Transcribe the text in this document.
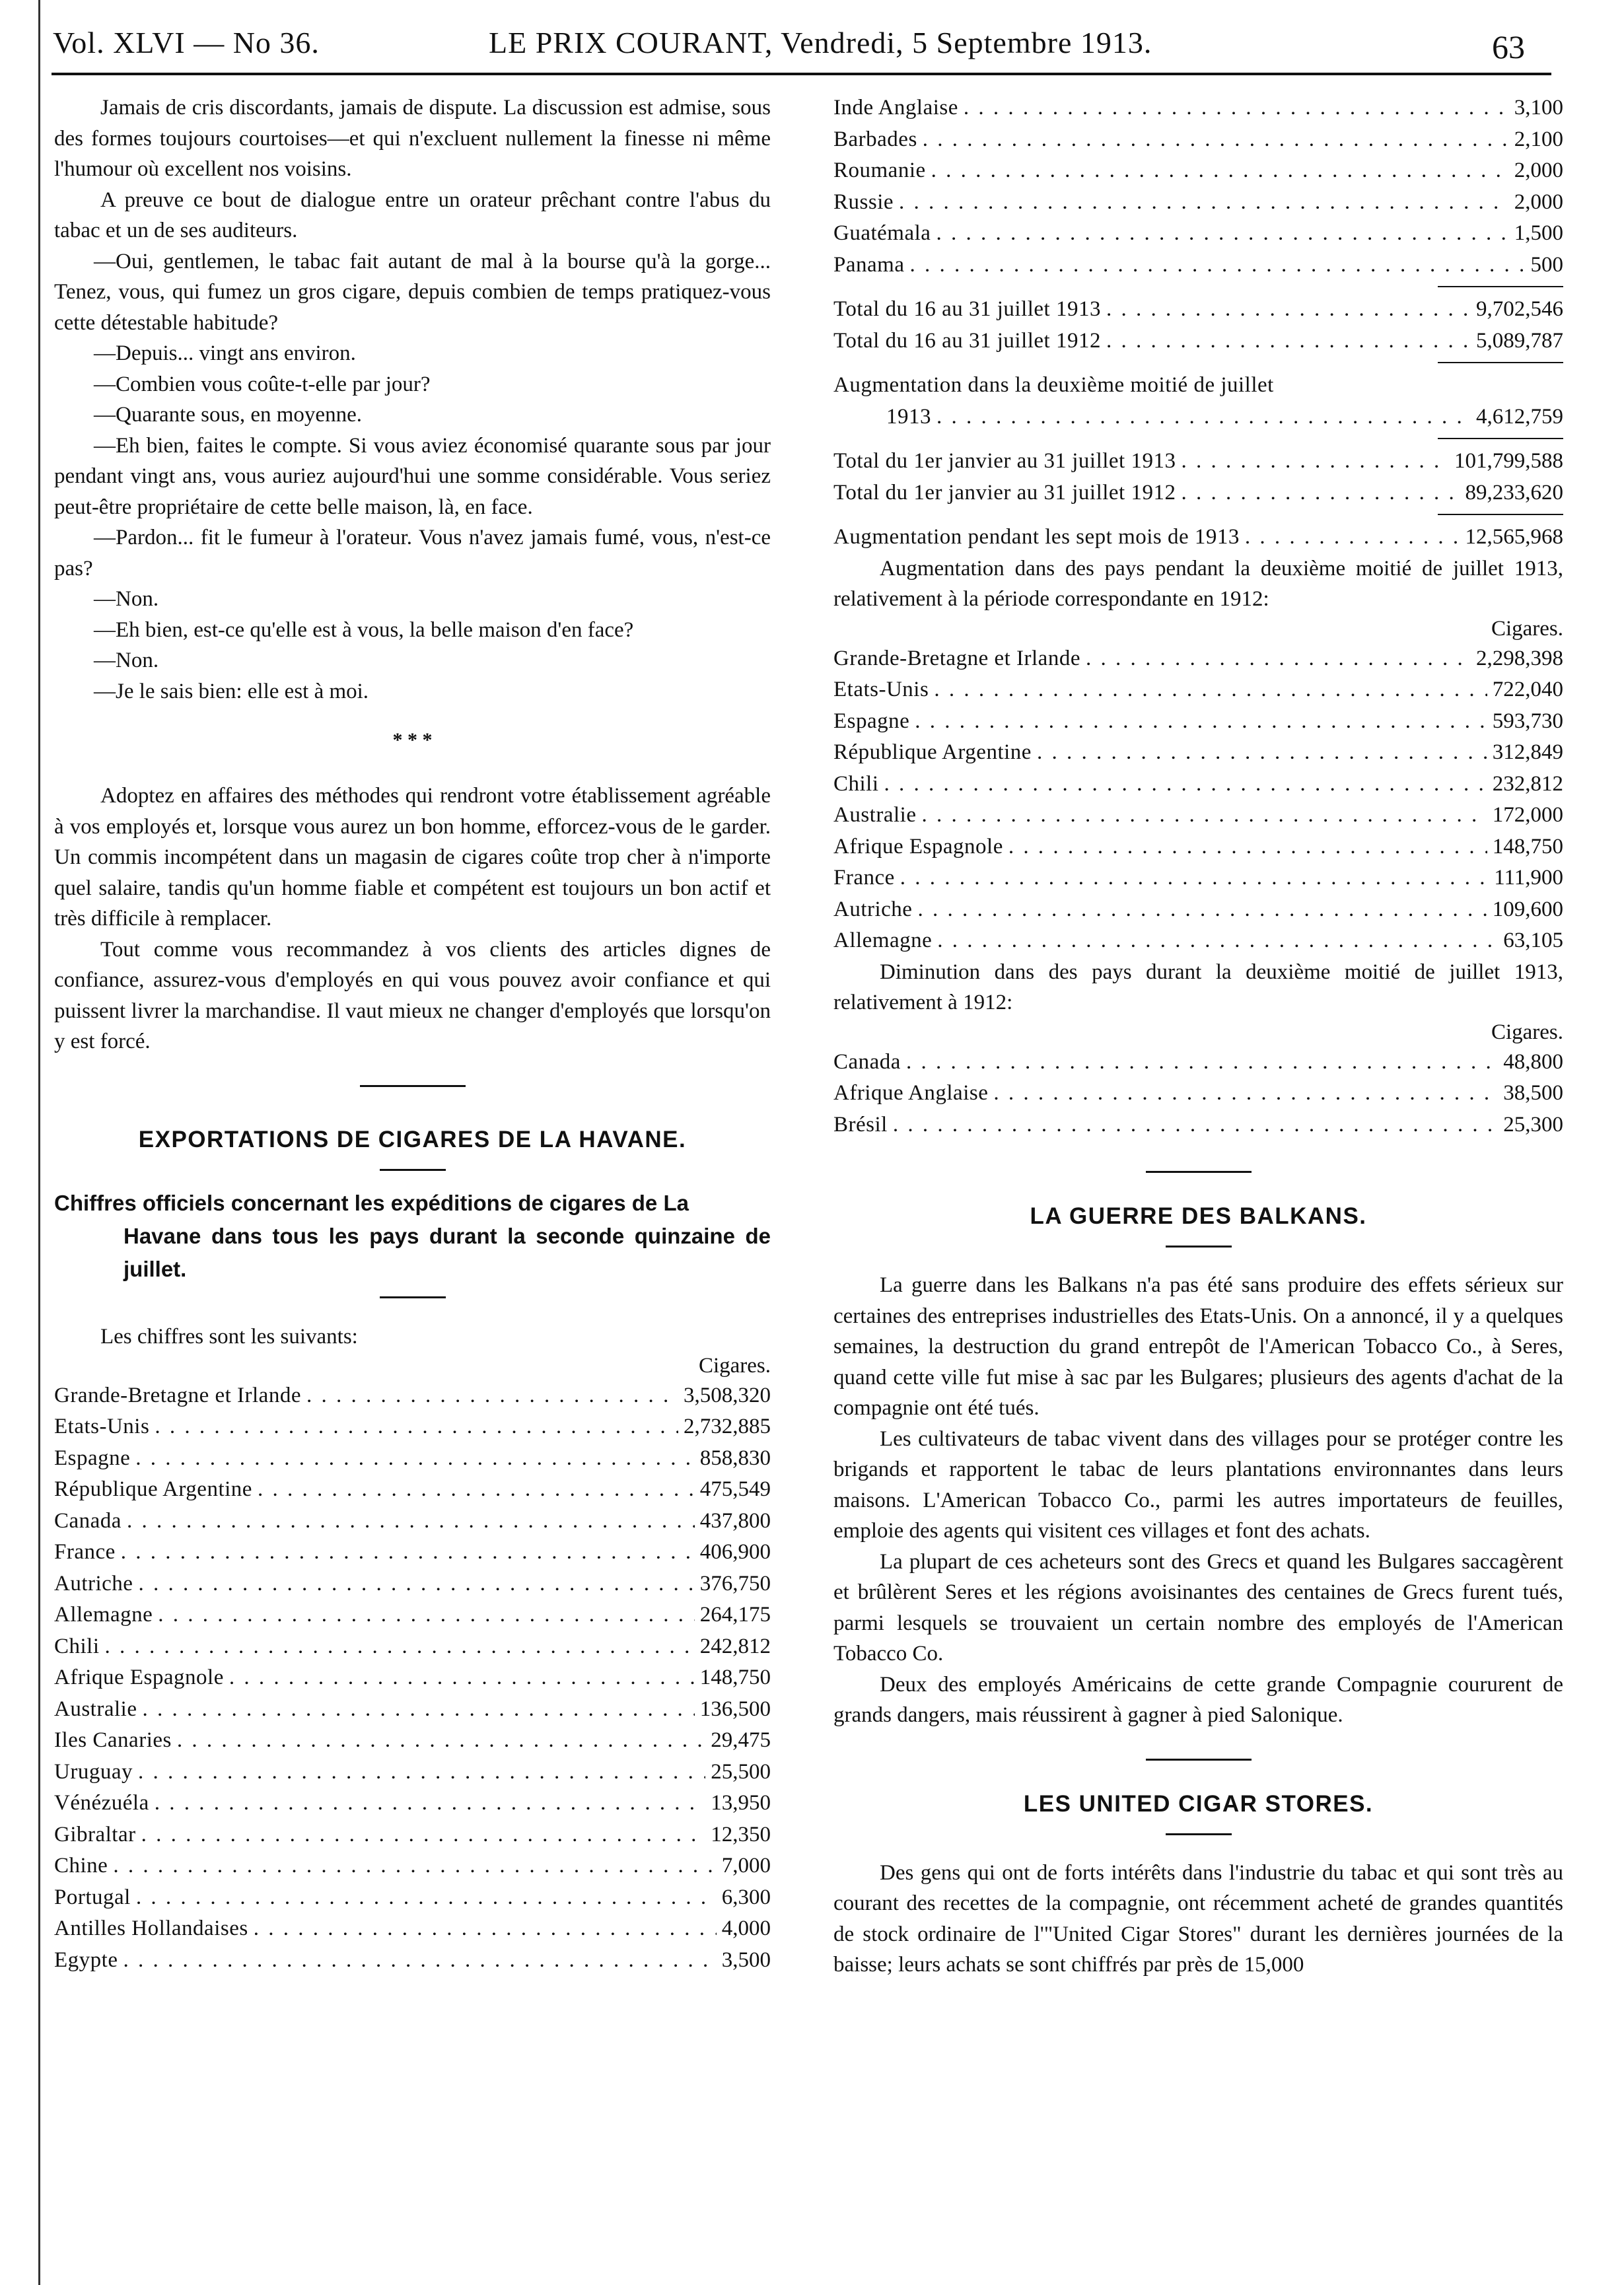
Vol. XLVI — No 36.	LE PRIX COURANT, Vendredi, 5 Septembre 1913.	63

Jamais de cris discordants, jamais de dispute. La discussion est admise, sous des formes toujours courtoises—et qui n'excluent nullement la finesse ni même l'humour où excellent nos voisins.

A preuve ce bout de dialogue entre un orateur prêchant contre l'abus du tabac et un de ses auditeurs.

—Oui, gentlemen, le tabac fait autant de mal à la bourse qu'à la gorge... Tenez, vous, qui fumez un gros cigare, depuis combien de temps pratiquez-vous cette détestable habitude?

—Depuis... vingt ans environ.

—Combien vous coûte-t-elle par jour?

—Quarante sous, en moyenne.

—Eh bien, faites le compte. Si vous aviez économisé quarante sous par jour pendant vingt ans, vous auriez aujourd'hui une somme considérable. Vous seriez peut-être propriétaire de cette belle maison, là, en face.

—Pardon... fit le fumeur à l'orateur. Vous n'avez jamais fumé, vous, n'est-ce pas?

—Non.

—Eh bien, est-ce qu'elle est à vous, la belle maison d'en face?

—Non.

—Je le sais bien: elle est à moi.

* * *

Adoptez en affaires des méthodes qui rendront votre établissement agréable à vos employés et, lorsque vous aurez un bon homme, efforcez-vous de le garder. Un commis incompétent dans un magasin de cigares coûte trop cher à n'importe quel salaire, tandis qu'un homme fiable et compétent est toujours un bon actif et très difficile à remplacer.

Tout comme vous recommandez à vos clients des articles dignes de confiance, assurez-vous d'employés en qui vous pouvez avoir confiance et qui puissent livrer la marchandise. Il vaut mieux ne changer d'employés que lorsqu'on y est forcé.

EXPORTATIONS DE CIGARES DE LA HAVANE.
Chiffres officiels concernant les expéditions de cigares de La
Havane dans tous les pays durant la seconde quinzaine de juillet.

Les chiffres sont les suivants:

Cigares.
Grande-Bretagne et Irlande . . .	3,508,320
Etats-Unis . . .	2,732,885
Espagne . . .	858,830
République Argentine . . .	475,549
Canada . . .	437,800
France . . .	406,900
Autriche . . .	376,750
Allemagne . . .	264,175
Chili . . .	242,812
Afrique Espagnole . . .	148,750
Australie . . .	136,500
Iles Canaries . . .	29,475
Uruguay . . .	25,500
Vénézuéla . . .	13,950
Gibraltar . . .	12,350
Chine . . .	7,000
Portugal . . .	6,300
Antilles Hollandaises . . .	4,000
Egypte . . .	3,500
Inde Anglaise . . .	3,100
Barbades . . .	2,100
Roumanie . . .	2,000
Russie . . .	2,000
Guatémala . . .	1,500
Panama . . .	500
Total du 16 au 31 juillet 1913 . . .	9,702,546
Total du 16 au 31 juillet 1912 . . .	5,089,787
Augmentation dans la deuxième moitié de juillet
1913 . . .	4,612,759
Total du 1er janvier au 31 juillet 1913 . . .	101,799,588
Total du 1er janvier au 31 juillet 1912 . . .	89,233,620
Augmentation pendant les sept mois de 1913 . . .	12,565,968

Augmentation dans des pays pendant la deuxième moitié de juillet 1913, relativement à la période correspondante en 1912:

Cigares.
Grande-Bretagne et Irlande . . .	2,298,398
Etats-Unis . . .	722,040
Espagne . . .	593,730
République Argentine . . .	312,849
Chili . . .	232,812
Australie . . .	172,000
Afrique Espagnole . . .	148,750
France . . .	111,900
Autriche . . .	109,600
Allemagne . . .	63,105

Diminution dans des pays durant la deuxième moitié de juillet 1913, relativement à 1912:

Cigares.
Canada . . .	48,800
Afrique Anglaise . . .	38,500
Brésil . . .	25,300
LA GUERRE DES BALKANS.

La guerre dans les Balkans n'a pas été sans produire des effets sérieux sur certaines des entreprises industrielles des Etats-Unis. On a annoncé, il y a quelques semaines, la destruction du grand entrepôt de l'American Tobacco Co., à Seres, quand cette ville fut mise à sac par les Bulgares; plusieurs des agents d'achat de la compagnie ont été tués.

Les cultivateurs de tabac vivent dans des villages pour se protéger contre les brigands et rapportent le tabac de leurs plantations environnantes dans leurs maisons. L'American Tobacco Co., parmi les autres importateurs de feuilles, emploie des agents qui visitent ces villages et font des achats.

La plupart de ces acheteurs sont des Grecs et quand les Bulgares saccagèrent et brûlèrent Seres et les régions avoisinantes des centaines de Grecs furent tués, parmi lesquels se trouvaient un certain nombre des employés de l'American Tobacco Co.

Deux des employés Américains de cette grande Compagnie coururent de grands dangers, mais réussirent à gagner à pied Salonique.

LES UNITED CIGAR STORES.

Des gens qui ont de forts intérêts dans l'industrie du tabac et qui sont très au courant des recettes de la compagnie, ont récemment acheté de grandes quantités de stock ordinaire de l'"United Cigar Stores" durant les dernières journées de la baisse; leurs achats se sont chiffrés par près de 15,000
